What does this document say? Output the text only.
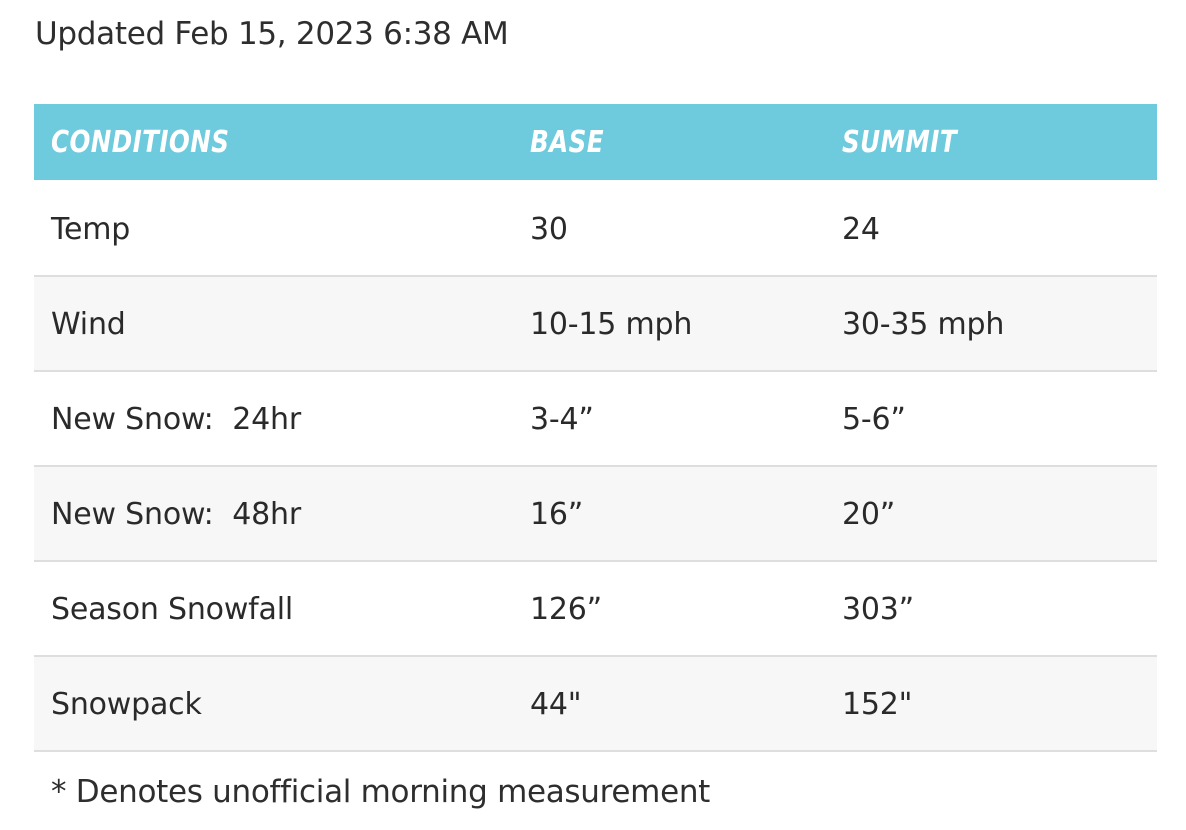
Updated Feb 15, 2023 6:38 AM
CONDITIONS	BASE	SUMMIT
Temp	30	24
Wind	10-15 mph	30-35 mph
New Snow:  24hr	3-4”	5-6”
New Snow:  48hr	16”	20”
Season Snowfall	126”	303”
Snowpack	44"	152"
* Denotes unofficial morning measurement
